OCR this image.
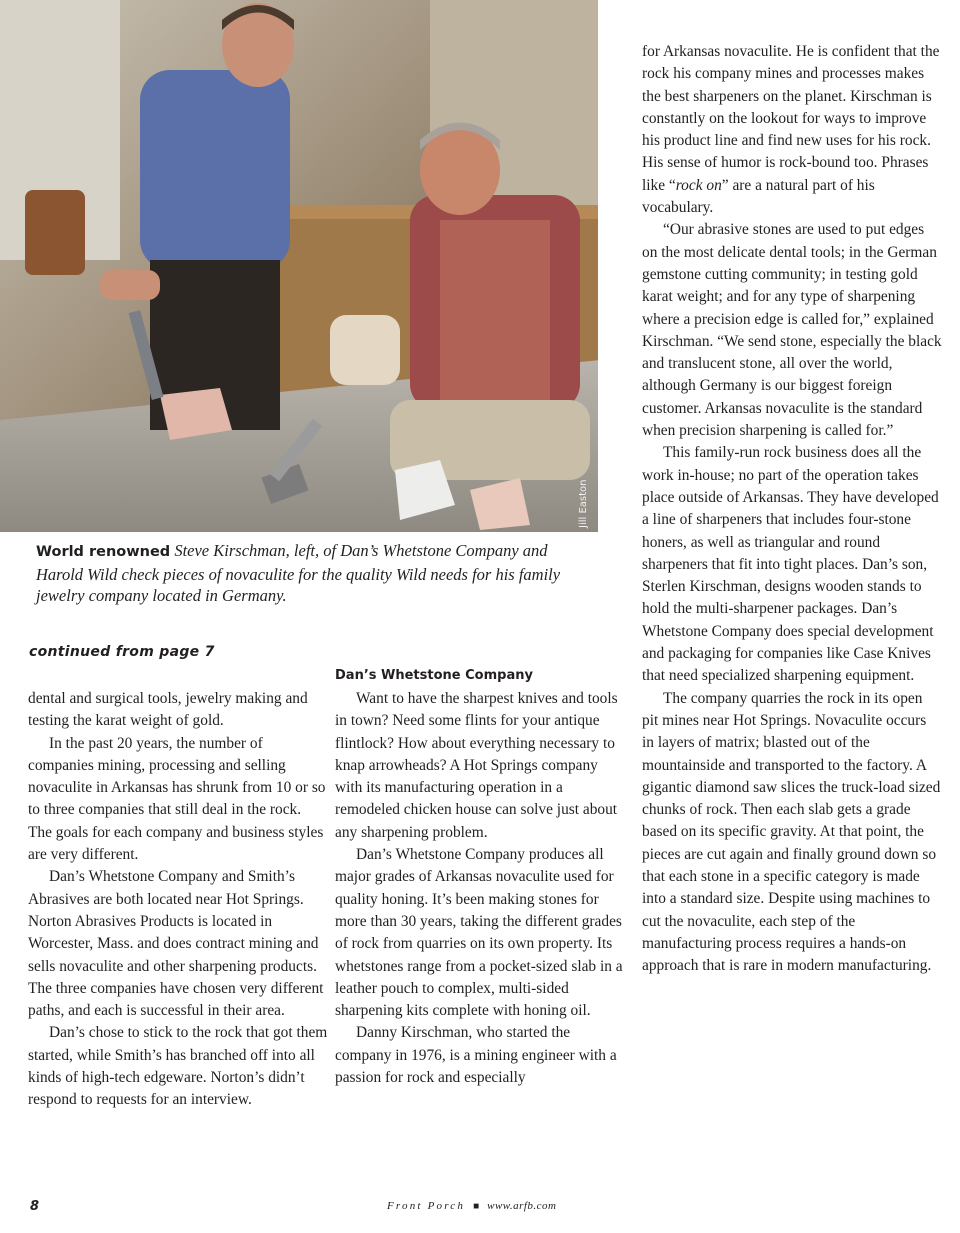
Jill Easton
World renowned Steve Kirschman, left, of Dan’s Whetstone Company and Harold Wild check pieces of novaculite for the quality Wild needs for his family jewelry company located in Germany.
continued from page 7

dental and surgical tools, jewelry making and testing the karat weight of gold.

In the past 20 years, the number of companies mining, processing and selling novaculite in Arkansas has shrunk from 10 or so to three companies that still deal in the rock. The goals for each company and business styles are very different.

Dan’s Whetstone Company and Smith’s Abrasives are both located near Hot Springs. Norton Abrasives Products is located in Worcester, Mass. and does contract mining and sells novaculite and other sharpening products. The three companies have chosen very different paths, and each is successful in their area.

Dan’s chose to stick to the rock that got them started, while Smith’s has branched off into all kinds of high-tech edgeware. Norton’s didn’t respond to requests for an interview.

Dan’s Whetstone Company

Want to have the sharpest knives and tools in town? Need some flints for your antique flintlock? How about everything necessary to knap arrowheads? A Hot Springs company with its manufacturing operation in a remodeled chicken house can solve just about any sharpening problem.

Dan’s Whetstone Company produces all major grades of Arkansas novaculite used for quality honing. It’s been making stones for more than 30 years, taking the different grades of rock from quarries on its own property. Its whetstones range from a pocket-sized slab in a leather pouch to complex, multi-sided sharpening kits complete with honing oil.

Danny Kirschman, who started the company in 1976, is a mining engineer with a passion for rock and especially

for Arkansas novaculite. He is confident that the rock his company mines and processes makes the best sharpeners on the planet. Kirschman is constantly on the lookout for ways to improve his product line and find new uses for his rock. His sense of humor is rock-bound too. Phrases like “rock on” are a natural part of his vocabulary.

“Our abrasive stones are used to put edges on the most delicate dental tools; in the German gemstone cutting community; in testing gold karat weight; and for any type of sharpening where a precision edge is called for,” explained Kirschman. “We send stone, especially the black and translucent stone, all over the world, although Germany is our biggest foreign customer. Arkansas novaculite is the standard when precision sharpening is called for.”

This family-run rock business does all the work in-house; no part of the operation takes place outside of Arkansas. They have developed a line of sharpeners that includes four-stone honers, as well as triangular and round sharpeners that fit into tight places. Dan’s son, Sterlen Kirschman, designs wooden stands to hold the multi-sharpener packages. Dan’s Whetstone Company does special development and packaging for companies like Case Knives that need specialized sharpening equipment.

The company quarries the rock in its open pit mines near Hot Springs. Novaculite occurs in layers of matrix; blasted out of the mountainside and transported to the factory. A gigantic diamond saw slices the truck-load sized chunks of rock. Then each slab gets a grade based on its specific gravity. At that point, the pieces are cut again and finally ground down so that each stone in a specific category is made into a standard size. Despite using machines to cut the novaculite, each step of the manufacturing process requires a hands-on approach that is rare in modern manufacturing.

8	Front Porch ■ www.arfb.com
